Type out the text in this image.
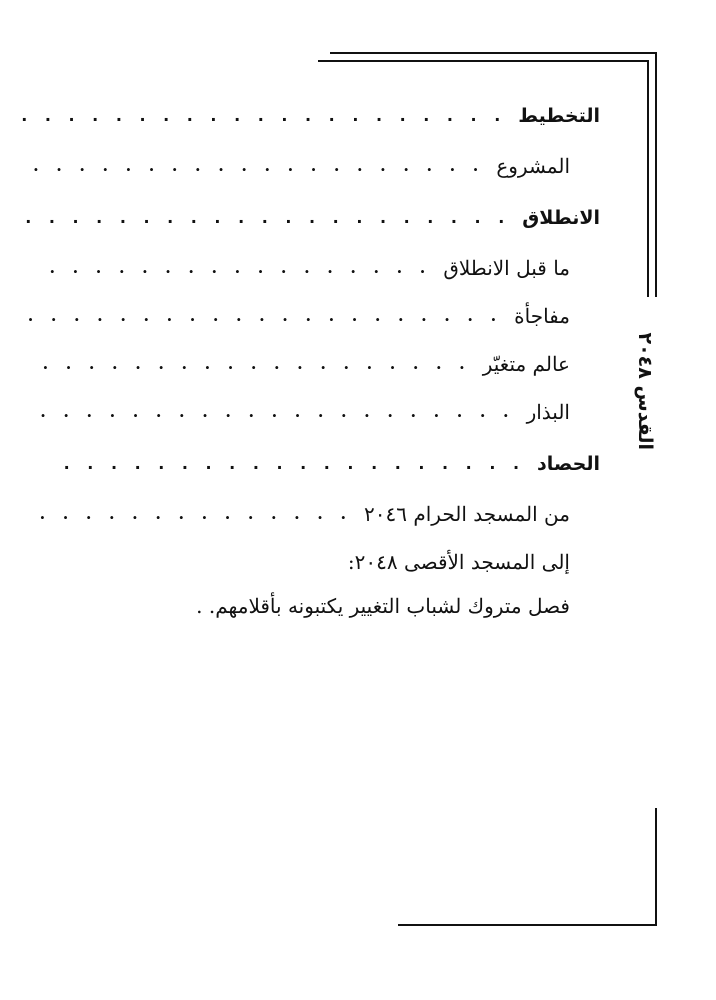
القدس ٢٠٤٨
التخطيط
. . . . . . . . . . . . . . . . . . . . .
المشروع
. . . . . . . . . . . . . . . . . . . .
الانطلاق
. . . . . . . . . . . . . . . . . . . . .
ما قبل الانطلاق
. . . . . . . . . . . . . . . . .
مفاجأة
. . . . . . . . . . . . . . . . . . . . .
عالم متغيّر
. . . . . . . . . . . . . . . . . . .
البذار
. . . . . . . . . . . . . . . . . . . . .
الحصاد
. . . . . . . . . . . . . . . . . . . .
من المسجد الحرام ٢٠٤٦
. . . . . . . . . . . . . .
إلى المسجد الأقصى ٢٠٤٨:
فصل متروك لشباب التغيير يكتبونه بأقلامهم. .
